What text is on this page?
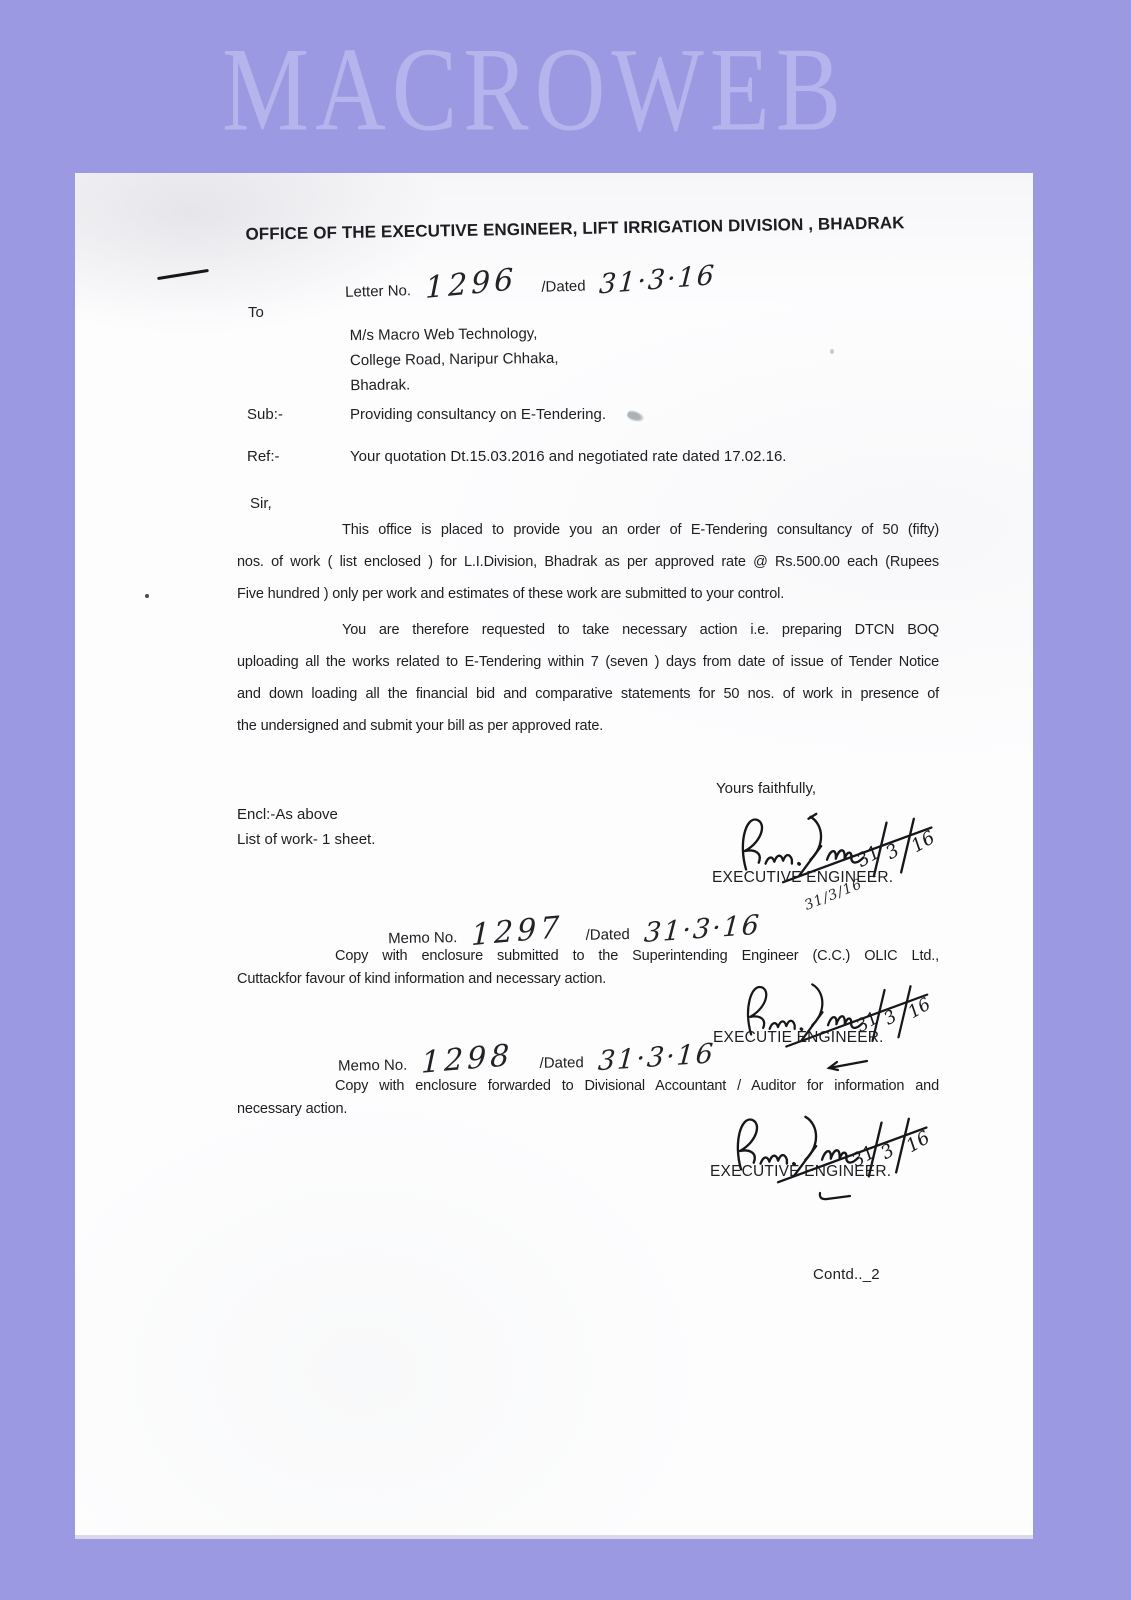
MACROWEB
OFFICE OF THE EXECUTIVE ENGINEER, LIFT IRRIGATION DIVISION , BHADRAK
Letter No. 1296 /Dated 31·3·16
To
M/s Macro Web Technology,
College Road, Naripur Chhaka,
Bhadrak.
Sub:-	Providing consultancy on E-Tendering.
Ref:-	Your quotation Dt.15.03.2016 and negotiated rate dated 17.02.16.
Sir,
This office is placed to provide you an order of E-Tendering consultancy of 50 (fifty)
nos. of work ( list enclosed ) for L.I.Division, Bhadrak as per approved rate @ Rs.500.00 each (Rupees
Five hundred ) only per work and estimates of these work are submitted to your control.
You are therefore requested to take necessary action i.e. preparing DTCN BOQ
uploading all the works related to E-Tendering within 7 (seven ) days from date of issue of Tender Notice
and down loading all the financial bid and comparative statements for 50 nos. of work in presence of
the undersigned and submit your bill as per approved rate.
Yours faithfully,
Encl:-As above
List of work- 1 sheet.
31
3 16
EXECUTIVE ENGINEER.
31/3/16
Memo No. 1297 /Dated 31·3·16
Copy with enclosure submitted to the Superintending Engineer (C.C.) OLIC Ltd.,
Cuttackfor favour of kind information and necessary action.
31
3 16
EXECUTIE ENGINEER.
Memo No. 1298 /Dated 31·3·16
Copy with enclosure forwarded to Divisional Accountant / Auditor for information and
necessary action.
31
3 16
EXECUTIVE ENGINEER.
Contd.._2
